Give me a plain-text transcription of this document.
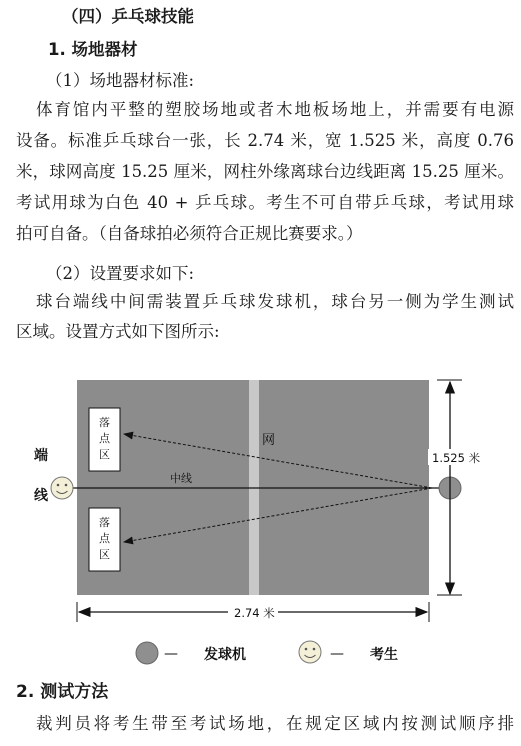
（四）乒乓球技能
1. 场地器材
（1）场地器材标准:
体育馆内平整的塑胶场地或者木地板场地上，并需要有电源
设备。标准乒乓球台一张，长 2.74 米，宽 1.525 米，高度 0.76
米，球网高度 15.25 厘米，网柱外缘离球台边线距离 15.25 厘米。
考试用球为白色 40 + 乒乓球。考生不可自带乒乓球，考试用球
拍可自备。（自备球拍必须符合正规比赛要求。）
（2）设置要求如下:
球台端线中间需装置乒乓球发球机，球台另一侧为学生测试
区域。设置方式如下图所示:
落
点
区
落
点
区
网
中线
端
线
1.525 米
2.74 米
— 发球机	— 考生
2. 测试方法
裁判员将考生带至考试场地，在规定区域内按测试顺序排
